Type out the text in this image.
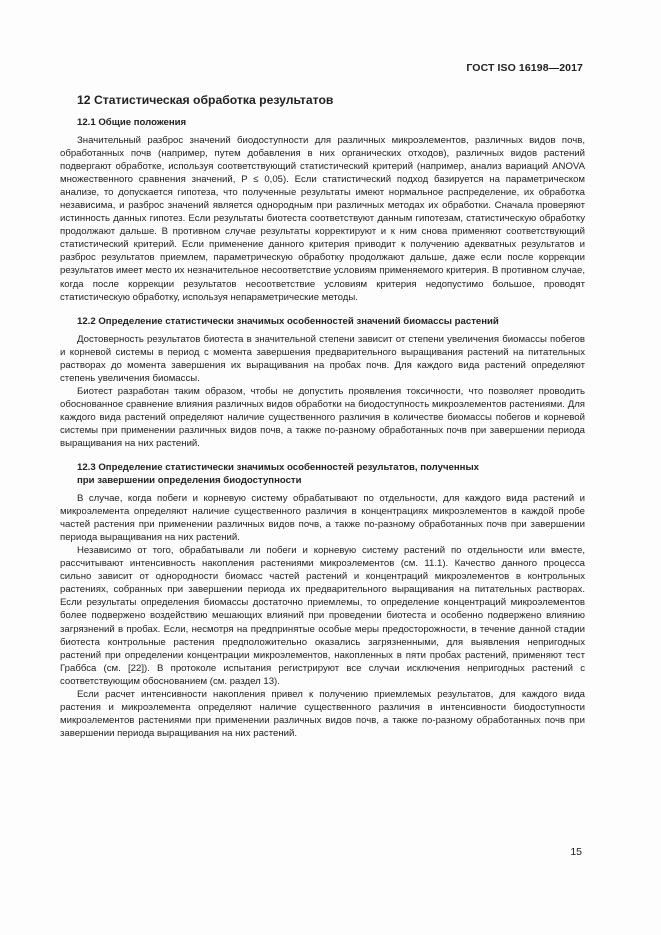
ГОСТ ISO 16198—2017
12 Статистическая обработка результатов
12.1 Общие положения

Значительный разброс значений биодоступности для различных микроэлементов, различных видов почв, обработанных почв (например, путем добавления в них органических отходов), различных видов растений подвергают обработке, используя соответствующий статистический критерий (например, анализ вариаций ANOVA множественного сравнения значений, P ≤ 0,05). Если статистический подход базируется на параметрическом анализе, то допускается гипотеза, что полученные результаты имеют нормальное распределение, их обработка независима, и разброс значений является однородным при различных методах их обработки. Сначала проверяют истинность данных гипотез. Если результаты биотеста соответствуют данным гипотезам, статистическую обработку продолжают дальше. В противном случае результаты корректируют и к ним снова применяют соответствующий статистический критерий. Если применение данного критерия приводит к получению адекватных результатов и разброс результатов приемлем, параметрическую обработку продолжают дальше, даже если после коррекции результатов имеет место их незначительное несоответствие условиям применяемого критерия. В противном случае, когда после коррекции результатов несоответствие условиям критерия недопустимо большое, проводят статистическую обработку, используя непараметрические методы.

12.2 Определение статистически значимых особенностей значений биомассы растений

Достоверность результатов биотеста в значительной степени зависит от степени увеличения биомассы побегов и корневой системы в период с момента завершения предварительного выращивания растений на питательных растворах до момента завершения их выращивания на пробах почв. Для каждого вида растений определяют степень увеличения биомассы.

Биотест разработан таким образом, чтобы не допустить проявления токсичности, что позволяет проводить обоснованное сравнение влияния различных видов обработки на биодоступность микроэлементов растениями. Для каждого вида растений определяют наличие существенного различия в количестве биомассы побегов и корневой системы при применении различных видов почв, а также по-разному обработанных почв при завершении периода выращивания на них растений.

12.3 Определение статистически значимых особенностей результатов, полученных
при завершении определения биодоступности

В случае, когда побеги и корневую систему обрабатывают по отдельности, для каждого вида растений и микроэлемента определяют наличие существенного различия в концентрациях микроэлементов в каждой пробе частей растения при применении различных видов почв, а также по-разному обработанных почв при завершении периода выращивания на них растений.

Независимо от того, обрабатывали ли побеги и корневую систему растений по отдельности или вместе, рассчитывают интенсивность накопления растениями микроэлементов (см. 11.1). Качество данного процесса сильно зависит от однородности биомасс частей растений и концентраций микроэлементов в контрольных растениях, собранных при завершении периода их предварительного выращивания на питательных растворах. Если результаты определения биомассы достаточно приемлемы, то определение концентраций микроэлементов более подвержено воздействию мешающих влияний при проведении биотеста и особенно подвержено влиянию загрязнений в пробах. Если, несмотря на предпринятые особые меры предосторожности, в течение данной стадии биотеста контрольные растения предположительно оказались загрязненными, для выявления непригодных растений при определении концентрации микроэлементов, накопленных в пяти пробах растений, применяют тест Граббса (см. [22]). В протоколе испытания регистрируют все случаи исключения непригодных растений с соответствующим обоснованием (см. раздел 13).

Если расчет интенсивности накопления привел к получению приемлемых результатов, для каждого вида растения и микроэлемента определяют наличие существенного различия в интенсивности биодоступности микроэлементов растениями при применении различных видов почв, а также по-разному обработанных почв при завершении периода выращивания на них растений.

15
